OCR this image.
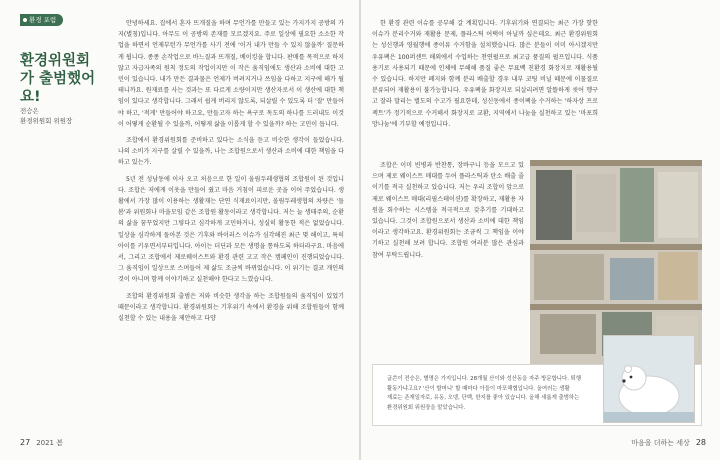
환경 포럼
환경위원회가 출범했어요!
전승은
환경위원회 위원장

안녕하세요. 집에서 혼자 뜨개질을 하며 무언가를 만들고 있는 가지가지 공방의 가지(별칭)입니다. 아무도 이 공방의 존재를 모르겠지요. 주로 일상에 필요한 소소한 작업을 하면서 언제부턴가 무언가를 사기 전에 '이거 내가 만들 수 있지 않을까' 질문하게 됩니다. 종종 손작업으로 바느질과 뜨개질, 베이킹을 합니다. 판매를 목적으로 하지 않고 자급자족의 원칙 정도의 작업이지만 이 작은 움직임에도 생산과 소비에 대한 고민이 있습니다. 내가 만든 결과물은 언제가 버려지거나 쓰임을 다하고 지구에 해가 될 테니까요. 원재료를 사는 것과는 또 다르게 소량이지만 생산자로서 이 생산에 대한 책임이 있다고 생각합니다. 그래서 쉽게 버리지 않도록, 되살릴 수 있도록 더 '잘' 만들어야 하고, '적게' 만들어야 하고요, 만들고자 하는 욕구로 독도의 하나를 드러내도 이것이 어떻게 순환될 수 있을까, 어떻게 삶을 이롭게 할 수 있을까? 하는 고민이 듭니다.

조합에서 환경위원회를 준비하고 있다는 소식을 듣고 비슷한 생각이 들었습니다. 나의 소비가 지구를 살릴 수 있을까, 나는 조합원으로서 생산과 소비에 대한 책임을 다하고 있는가.

5년 전 성남동에 이사 오고 처음으로 한 일이 올림두레생협의 조합원이 된 것입니다. 조합은 저에게 이웃을 만들어 줬고 마음 거침이 피로운 곳을 이어 주었습니다. 생활에서 가장 많이 이용하는 생활재는 단연 식재료이지만, 올림두레생협의 차량은 '돌봄'과 위원회나 마을모임 같은 조합원 활동이라고 생각합니다. 저는 늘 생태주의, 순환의 삶을 꿈꾸었지만 그렇다고 심각하게 고민하거나, 성실히 활동한 적은 없었습니다. 일상을 심각하게 돌아본 것은 기후와 바이러스 이슈가 심각해진 최근 몇 해이고, 특히 아이를 키우면서부터입니다. 아이는 더딘과 모든 생명을 통하도록 하더라구요. 마음에서, 그리고 조합에서 제로웨이스트와 환경 관련 고고 작은 캠페인이 진행되었습니다. 그 움직임이 일상으로 스며들어 제 삶도 조금씩 바뀌었습니다. 이 위기는 결코 개인의 것이 아니며 함께 이야기하고 실천해야 한다고 느꼈습니다.

조합의 환경위원회 출범은 저와 비슷한 생각을 하는 조합원들의 움직임이 있었기 때문이라고 생각합니다. 환경위원회는 기후위기 속에서 환경을 위해 조합원들이 함께 실천할 수 있는 내용을 제안하고 다양

27 2021 봄

한 환경 관련 이슈를 공부해 갈 계획입니다. 기후위기와 연결되는 최근 가장 핫한 이슈가 분리수거와 재활용 문제, 플라스틱 어택이 아닐까 싶은데요. 최근 환경위원회는 성신행과 영월행에 종이류 수거함을 설치했습니다. 많은 분들이 이미 아시겠지만 우유팩은 100퍼센트 해외에서 수입하는 천연펄프로 최고급 품질의 펄프입니다. 식품 용기로 사용되기 때문에 인체에 무해해 품질 좋은 무표백 친환경 화장지로 재활용될 수 있습니다. 하지만 폐지와 함께 분리 배출할 경우 내부 코팅 비닐 때문에 이물질로 분류되어 재활용이 불가능합니다. 우유팩을 화장지로 되살리려면 알뜰하게 씻어 헹구고 잘라 말리는 별도의 수고가 필요한데, 성신동에서 종이팩을 수거하는 '하자상 프로젝트'가 정기적으로 수거해서 화장지로 교환, 지역에서 나눔을 실천하고 있는 '마포희망나눔'에 기부할 예정입니다.

조합은 이미 빈병과 반찬통, 장바구니 등을 모으고 있으며 제로 웨이스트 매대를 두어 플라스틱과 탄소 배출 줄이기를 적극 실천하고 있습니다. 저는 우리 조합이 앞으로 제로 웨이스트 매대(리필스테이션)를 확장하고, 재활용 자원을 회수하는 시스템을 적극적으로 갖추기를 기대하고 있습니다. 그것이 조합원으로서 생산과 소비에 대한 책임이라고 생각하고요. 환경위원회는 조금씩 그 책임을 이야기하고 실천해 보려 합니다. 조합원 여러분 많은 관심과 참여 부탁드립니다.

글쓴이 전승은, 별명은 가지입니다. 28개월 산이와 성산동을 자주 방문합니다. 퇴행

활동가냐고요? '산이 할머니' 할 때마다 아들이 마포해협입니다. 올여러는 생활

재료는 존재일자로, 유동, 오뎅, 단백, 한지를 좋아 있습니다. 올해 새롭게 출범하는

환경위원회 위원장을 맡았습니다.

마음을 더하는 세상 28
